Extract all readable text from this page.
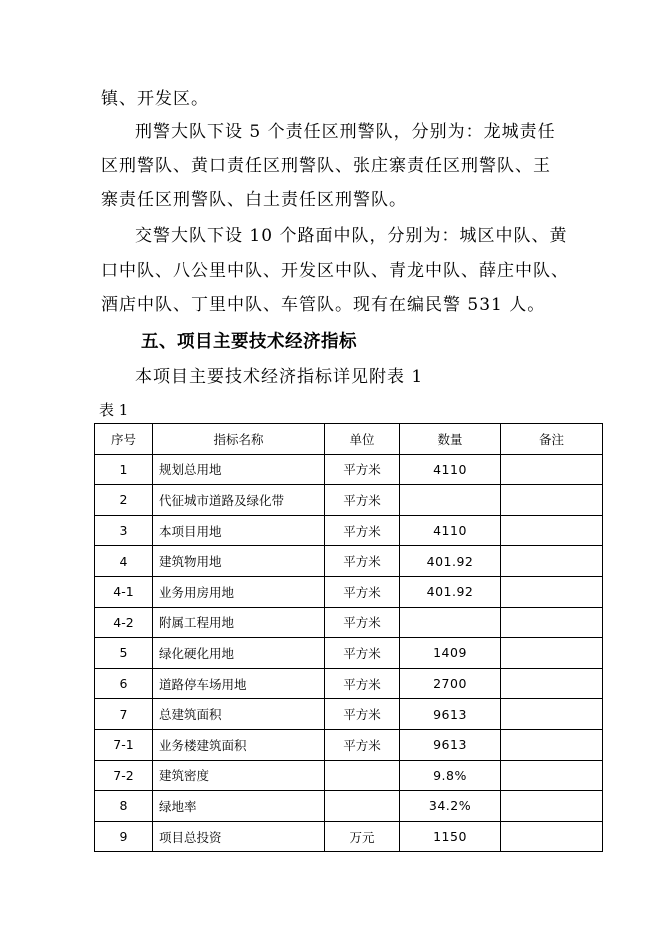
镇、开发区。
刑警大队下设 5 个责任区刑警队，分别为：龙城责任
区刑警队、黄口责任区刑警队、张庄寨责任区刑警队、王
寨责任区刑警队、白土责任区刑警队。
交警大队下设 10 个路面中队，分别为：城区中队、黄
口中队、八公里中队、开发区中队、青龙中队、薛庄中队、
酒店中队、丁里中队、车管队。现有在编民警 531 人。
五、项目主要技术经济指标
本项目主要技术经济指标详见附表 1
表 1
序号	指标名称	单位	数量	备注
1	规划总用地	平方米	4110	
2	代征城市道路及绿化带	平方米		
3	本项目用地	平方米	4110	
4	建筑物用地	平方米	401.92	
4-1	业务用房用地	平方米	401.92	
4-2	附属工程用地	平方米		
5	绿化硬化用地	平方米	1409	
6	道路停车场用地	平方米	2700	
7	总建筑面积	平方米	9613	
7-1	业务楼建筑面积	平方米	9613	
7-2	建筑密度		9.8%	
8	绿地率		34.2%	
9	项目总投资	万元	1150	
